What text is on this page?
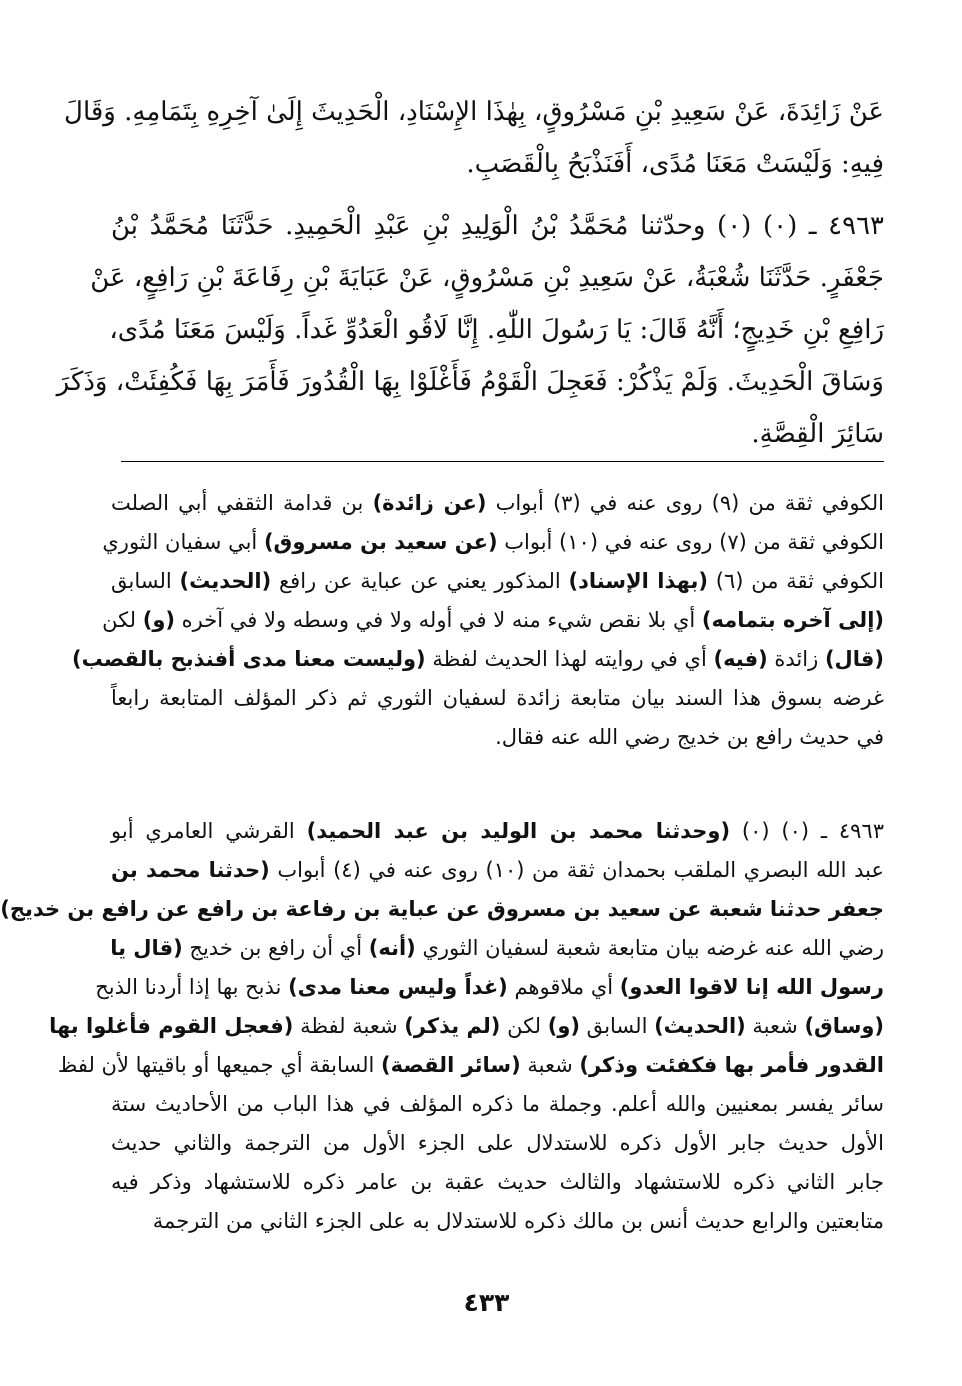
عَنْ زَائِدَةَ، عَنْ سَعِيدِ بْنِ مَسْرُوقٍ، بِهٰذَا الإِسْنَادِ، الْحَدِيثَ إِلَىٰ آخِرِهِ بِتَمَامِهِ. وَقَالَ
فِيهِ: وَلَيْسَتْ مَعَنَا مُدًى، أَفَنَذْبَحُ بِالْقَصَبِ.
٤٩٦٣ ـ (٠) (٠) وحدّثنا مُحَمَّدُ بْنُ الْوَلِيدِ بْنِ عَبْدِ الْحَمِيدِ. حَدَّثَنَا مُحَمَّدُ بْنُ
جَعْفَرٍ. حَدَّثَنَا شُعْبَةُ، عَنْ سَعِيدِ بْنِ مَسْرُوقٍ، عَنْ عَبَايَةَ بْنِ رِفَاعَةَ بْنِ رَافِعٍ، عَنْ
رَافِعِ بْنِ خَدِيجٍ؛ أَنَّهُ قَالَ: يَا رَسُولَ اللّٰهِ. إِنَّا لَاقُو الْعَدُوِّ غَداً. وَلَيْسَ مَعَنَا مُدًى،
وَسَاقَ الْحَدِيثَ. وَلَمْ يَذْكُرْ: فَعَجِلَ الْقَوْمُ فَأَغْلَوْا بِهَا الْقُدُورَ فَأَمَرَ بِهَا فَكُفِئَتْ، وَذَكَرَ
سَائِرَ الْقِصَّةِ.
الكوفي ثقة من (٩) روى عنه في (٣) أبواب (عن زائدة) بن قدامة الثقفي أبي الصلت
الكوفي ثقة من (٧) روى عنه في (١٠) أبواب (عن سعيد بن مسروق) أبي سفيان الثوري
الكوفي ثقة من (٦) (بهذا الإسناد) المذكور يعني عن عباية عن رافع (الحديث) السابق
(إلى آخره بتمامه) أي بلا نقص شيء منه لا في أوله ولا في وسطه ولا في آخره (و) لكن
(قال) زائدة (فيه) أي في روايته لهذا الحديث لفظة (وليست معنا مدى أفنذبح بالقصب)
غرضه بسوق هذا السند بيان متابعة زائدة لسفيان الثوري ثم ذكر المؤلف المتابعة رابعاً
في حديث رافع بن خديج رضي الله عنه فقال.
٤٩٦٣ ـ (٠) (٠) (وحدثنا محمد بن الوليد بن عبد الحميد) القرشي العامري أبو
عبد الله البصري الملقب بحمدان ثقة من (١٠) روى عنه في (٤) أبواب (حدثنا محمد بن
جعفر حدثنا شعبة عن سعيد بن مسروق عن عباية بن رفاعة بن رافع عن رافع بن خديج)
رضي الله عنه غرضه بيان متابعة شعبة لسفيان الثوري (أنه) أي أن رافع بن خديج (قال يا
رسول الله إنا لاقوا العدو) أي ملاقوهم (غداً وليس معنا مدى) نذبح بها إذا أردنا الذبح
(وساق) شعبة (الحديث) السابق (و) لكن (لم يذكر) شعبة لفظة (فعجل القوم فأغلوا بها
القدور فأمر بها فكفئت وذكر) شعبة (سائر القصة) السابقة أي جميعها أو باقيتها لأن لفظ
سائر يفسر بمعنيين والله أعلم. وجملة ما ذكره المؤلف في هذا الباب من الأحاديث ستة
الأول حديث جابر الأول ذكره للاستدلال على الجزء الأول من الترجمة والثاني حديث
جابر الثاني ذكره للاستشهاد والثالث حديث عقبة بن عامر ذكره للاستشهاد وذكر فيه
متابعتين والرابع حديث أنس بن مالك ذكره للاستدلال به على الجزء الثاني من الترجمة
٤٣٣
